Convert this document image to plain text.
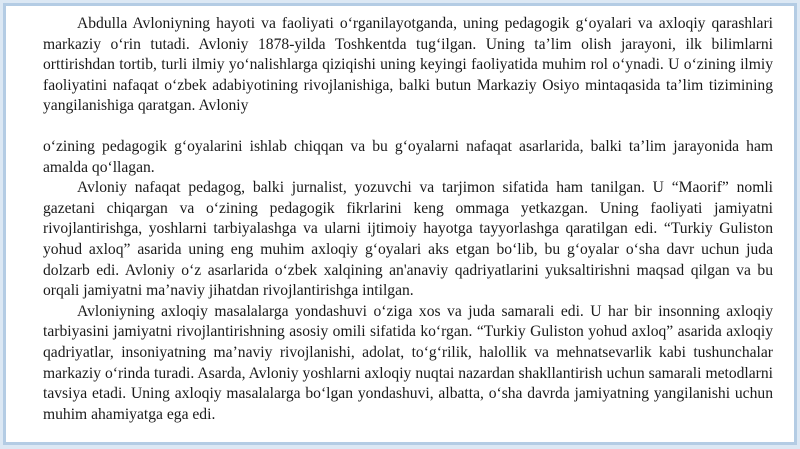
Abdulla Avloniyning hayoti va faoliyati o‘rganilayotganda, uning pedagogik g‘oyalari va axloqiy qarashlari markaziy o‘rin tutadi. Avloniy 1878-yilda Toshkentda tug‘ilgan. Uning ta’lim olish jarayoni, ilk bilimlarni orttirishdan tortib, turli ilmiy yo‘nalishlarga qiziqishi uning keyingi faoliyatida muhim rol o‘ynadi. U o‘zining ilmiy faoliyatini nafaqat o‘zbek adabiyotining rivojlanishiga, balki butun Markaziy Osiyo mintaqasida ta’lim tizimining yangilanishiga qaratgan. Avloniy

o‘zining pedagogik g‘oyalarini ishlab chiqqan va bu g‘oyalarni nafaqat asarlarida, balki ta’lim jarayonida ham amalda qo‘llagan.

Avloniy nafaqat pedagog, balki jurnalist, yozuvchi va tarjimon sifatida ham tanilgan. U “Maorif” nomli gazetani chiqargan va o‘zining pedagogik fikrlarini keng ommaga yetkazgan. Uning faoliyati jamiyatni rivojlantirishga, yoshlarni tarbiyalashga va ularni ijtimoiy hayotga tayyorlashga qaratilgan edi. “Turkiy Guliston yohud axloq” asarida uning eng muhim axloqiy g‘oyalari aks etgan bo‘lib, bu g‘oyalar o‘sha davr uchun juda dolzarb edi. Avloniy o‘z asarlarida o‘zbek xalqining an'anaviy qadriyatlarini yuksaltirishni maqsad qilgan va bu orqali jamiyatni ma’naviy jihatdan rivojlantirishga intilgan.

Avloniyning axloqiy masalalarga yondashuvi o‘ziga xos va juda samarali edi. U har bir insonning axloqiy tarbiyasini jamiyatni rivojlantirishning asosiy omili sifatida ko‘rgan. “Turkiy Guliston yohud axloq” asarida axloqiy qadriyatlar, insoniyatning ma’naviy rivojlanishi, adolat, to‘g‘rilik, halollik va mehnatsevarlik kabi tushunchalar markaziy o‘rinda turadi. Asarda, Avloniy yoshlarni axloqiy nuqtai nazardan shakllantirish uchun samarali metodlarni tavsiya etadi. Uning axloqiy masalalarga bo‘lgan yondashuvi, albatta, o‘sha davrda jamiyatning yangilanishi uchun muhim ahamiyatga ega edi.
